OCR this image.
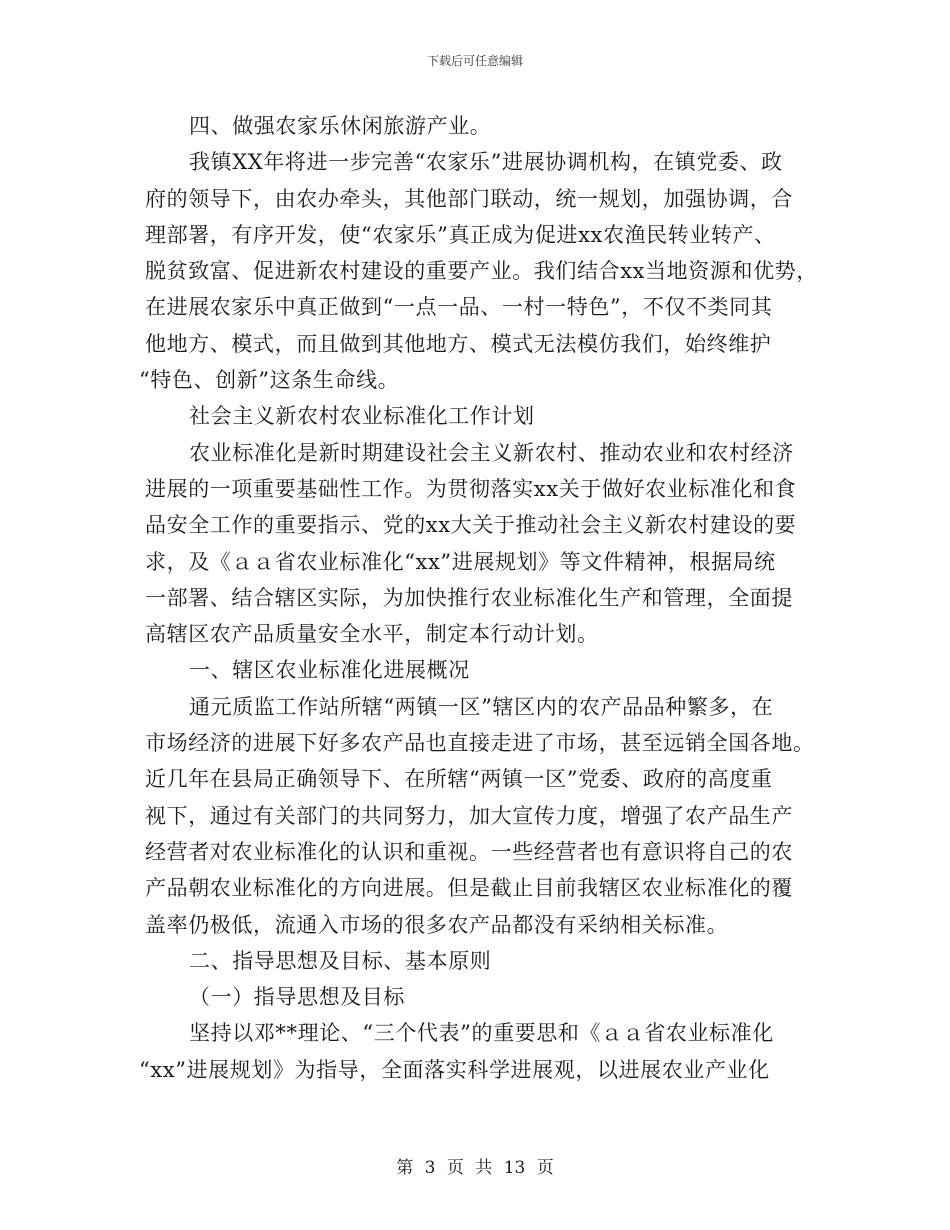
下载后可任意编辑
四、做强农家乐休闲旅游产业。
我镇XX年将进一步完善“农家乐”进展协调机构，在镇党委、政
府的领导下，由农办牵头，其他部门联动，统一规划，加强协调，合
理部署，有序开发，使“农家乐”真正成为促进xx农渔民转业转产、
脱贫致富、促进新农村建设的重要产业。我们结合xx当地资源和优势，
在进展农家乐中真正做到“一点一品、一村一特色”，不仅不类同其
他地方、模式，而且做到其他地方、模式无法模仿我们，始终维护
“特色、创新”这条生命线。
社会主义新农村农业标准化工作计划
农业标准化是新时期建设社会主义新农村、推动农业和农村经济
进展的一项重要基础性工作。为贯彻落实xx关于做好农业标准化和食
品安全工作的重要指示、党的xx大关于推动社会主义新农村建设的要
求，及《ａａ省农业标准化“xx”进展规划》等文件精神，根据局统
一部署、结合辖区实际，为加快推行农业标准化生产和管理，全面提
高辖区农产品质量安全水平，制定本行动计划。
一、辖区农业标准化进展概况
通元质监工作站所辖“两镇一区”辖区内的农产品品种繁多，在
市场经济的进展下好多农产品也直接走进了市场，甚至远销全国各地。
近几年在县局正确领导下、在所辖“两镇一区”党委、政府的高度重
视下，通过有关部门的共同努力，加大宣传力度，增强了农产品生产
经营者对农业标准化的认识和重视。一些经营者也有意识将自己的农
产品朝农业标准化的方向进展。但是截止目前我辖区农业标准化的覆
盖率仍极低，流通入市场的很多农产品都没有采纳相关标准。
二、指导思想及目标、基本原则
（一）指导思想及目标
坚持以邓**理论、“三个代表”的重要思和《ａａ省农业标准化
“xx”进展规划》为指导，全面落实科学进展观，以进展农业产业化
第 3 页 共 13 页
